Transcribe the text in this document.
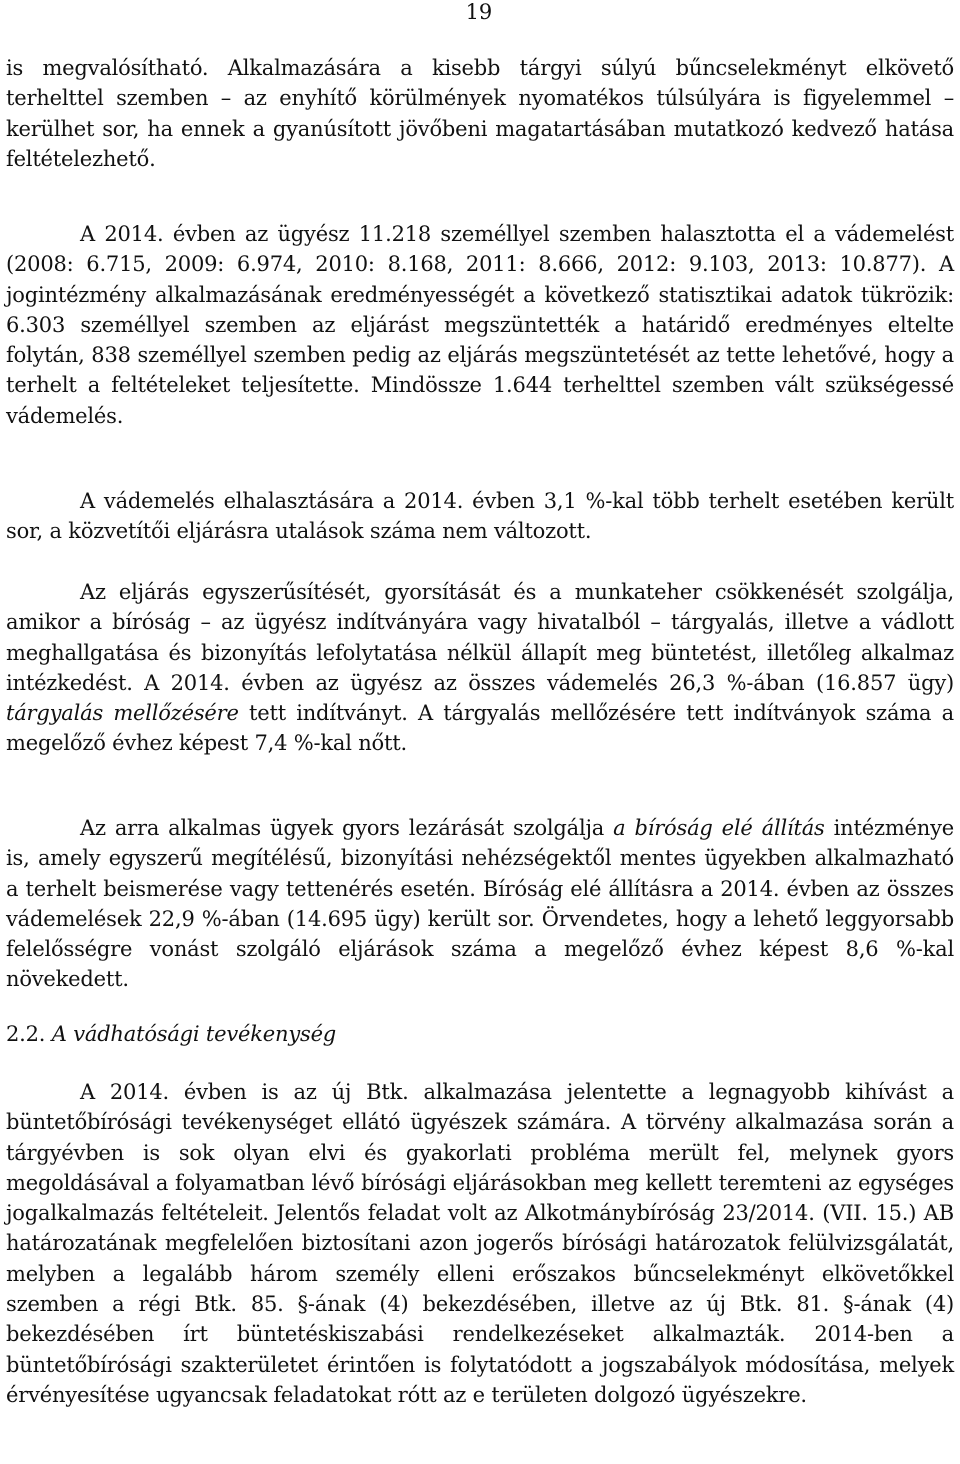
19

is megvalósítható. Alkalmazására a kisebb tárgyi súlyú bűncselekményt elkövető terhelttel szemben – az enyhítő körülmények nyomatékos túlsúlyára is figyelemmel – kerülhet sor, ha ennek a gyanúsított jövőbeni magatartásában mutatkozó kedvező hatása feltételezhető.

A 2014. évben az ügyész 11.218 személlyel szemben halasztotta el a vádemelést (2008: 6.715, 2009: 6.974, 2010: 8.168, 2011: 8.666, 2012: 9.103, 2013: 10.877). A jogintézmény alkalmazásának eredményességét a következő statisztikai adatok tükrözik: 6.303 személlyel szemben az eljárást megszüntették a határidő eredményes eltelte folytán, 838 személlyel szemben pedig az eljárás megszüntetését az tette lehetővé, hogy a terhelt a feltételeket teljesítette. Mindössze 1.644 terhelttel szemben vált szükségessé vádemelés.

A vádemelés elhalasztására a 2014. évben 3,1 %-kal több terhelt esetében került sor, a közvetítői eljárásra utalások száma nem változott.

Az eljárás egyszerűsítését, gyorsítását és a munkateher csökkenését szolgálja, amikor a bíróság – az ügyész indítványára vagy hivatalból – tárgyalás, illetve a vádlott meghallgatása és bizonyítás lefolytatása nélkül állapít meg büntetést, illetőleg alkalmaz intézkedést. A 2014. évben az ügyész az összes vádemelés 26,3 %-ában (16.857 ügy) tárgyalás mellőzésére tett indítványt. A tárgyalás mellőzésére tett indítványok száma a megelőző évhez képest 7,4 %-kal nőtt.

Az arra alkalmas ügyek gyors lezárását szolgálja a bíróság elé állítás intézménye is, amely egyszerű megítélésű, bizonyítási nehézségektől mentes ügyekben alkalmazható a terhelt beismerése vagy tettenérés esetén. Bíróság elé állításra a 2014. évben az összes vádemelések 22,9 %-ában (14.695 ügy) került sor. Örvendetes, hogy a lehető leggyorsabb felelősségre vonást szolgáló eljárások száma a megelőző évhez képest 8,6 %-kal növekedett.

2.2. A vádhatósági tevékenység

A 2014. évben is az új Btk. alkalmazása jelentette a legnagyobb kihívást a büntetőbírósági tevékenységet ellátó ügyészek számára. A törvény alkalmazása során a tárgyévben is sok olyan elvi és gyakorlati probléma merült fel, melynek gyors megoldásával a folyamatban lévő bírósági eljárásokban meg kellett teremteni az egységes jogalkalmazás feltételeit. Jelentős feladat volt az Alkotmánybíróság 23/2014. (VII. 15.) AB határozatának megfelelően biztosítani azon jogerős bírósági határozatok felülvizsgálatát, melyben a legalább három személy elleni erőszakos bűncselekményt elkövetőkkel szemben a régi Btk. 85. §-ának (4) bekezdésében, illetve az új Btk. 81. §-ának (4) bekezdésében írt büntetéskiszabási rendelkezéseket alkalmazták. 2014-ben a büntetőbírósági szakterületet érintően is folytatódott a jogszabályok módosítása, melyek érvényesítése ugyancsak feladatokat rótt az e területen dolgozó ügyészekre.
